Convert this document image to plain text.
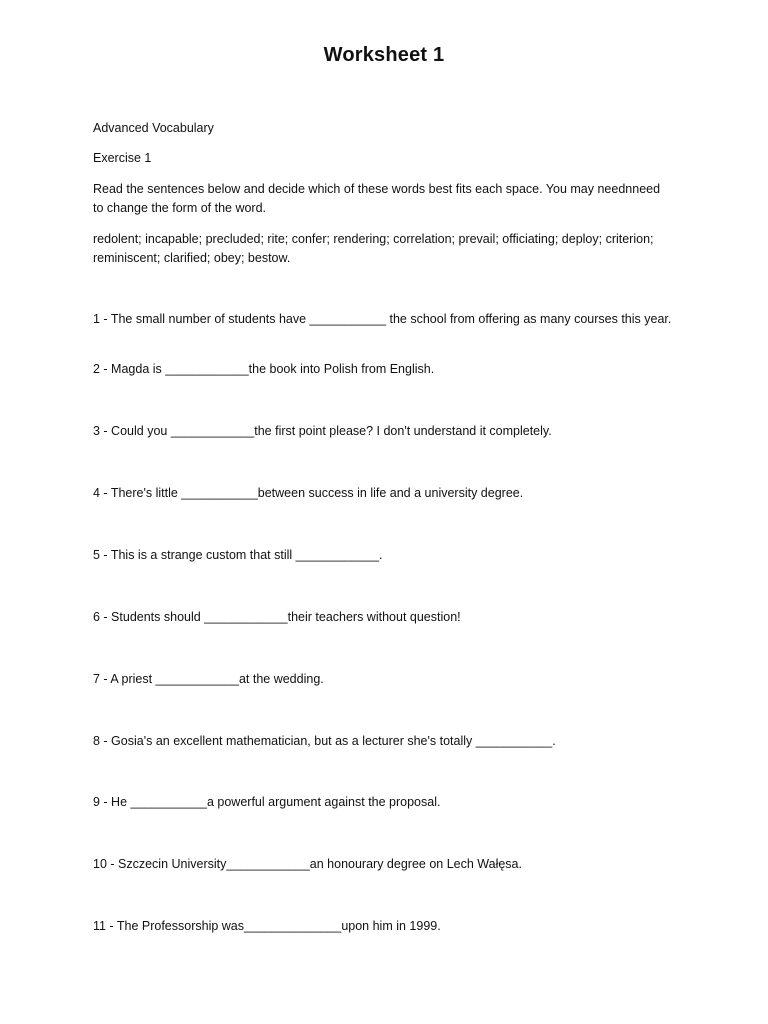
Worksheet 1
Advanced Vocabulary
Exercise 1
Read the sentences below and decide which of these words best fits each space. You may neednneed to change the form of the word.
redolent; incapable; precluded; rite; confer; rendering; correlation; prevail; officiating; deploy; criterion; reminiscent; clarified; obey; bestow.
1 - The small number of students have ___________ the school from offering as many courses this year.
2 - Magda is ____________the book into Polish from English.
3 - Could you ____________the first point please? I don't understand it completely.
4 - There's little ___________between success in life and a university degree.
5 - This is a strange custom that still ____________.
6 - Students should ____________their teachers without question!
7 - A priest ____________at the wedding.
8 - Gosia's an excellent mathematician, but as a lecturer she's totally ___________.
9 - He ___________a powerful argument against the proposal.
10 - Szczecin University____________an honourary degree on Lech Wałęsa.
11 - The Professorship was______________upon him in 1999.
